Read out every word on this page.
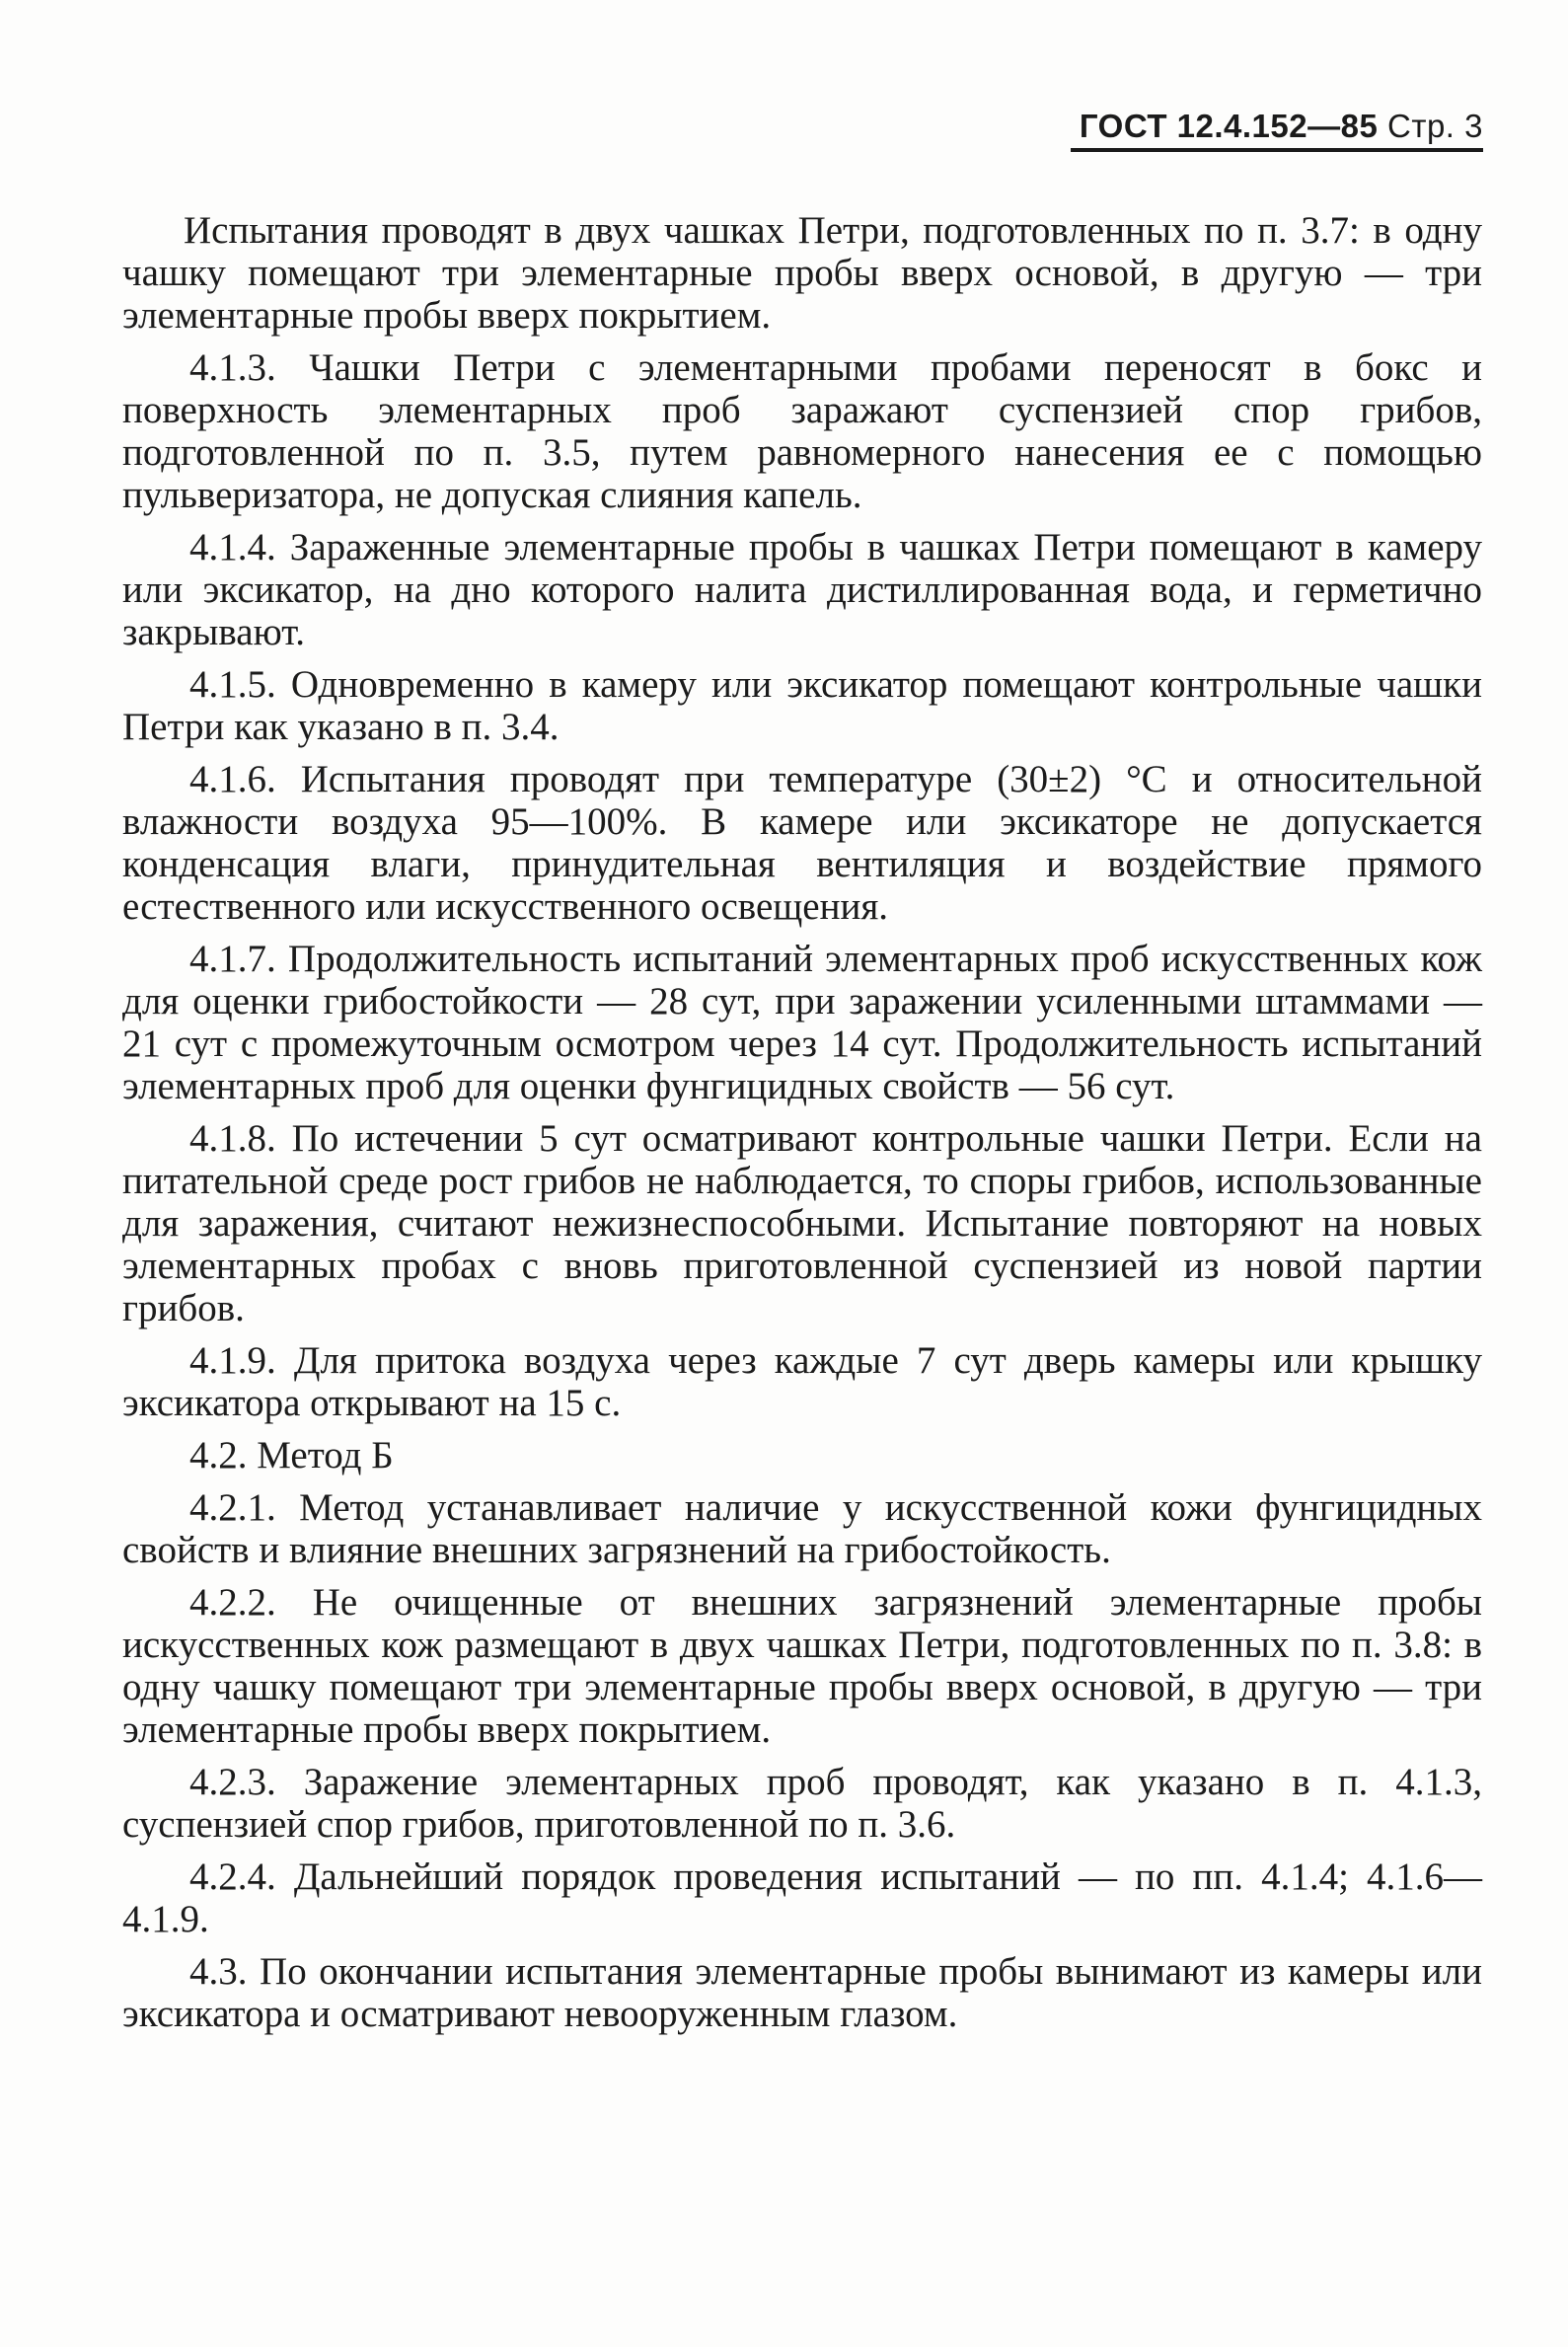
ГОСТ 12.4.152—85 Стр. 3

Испытания проводят в двух чашках Петри, подготовленных по п. 3.7: в одну чашку помещают три элементарные пробы вверх основой, в другую — три элементарные пробы вверх покрытием.

4.1.3. Чашки Петри с элементарными пробами переносят в бокс и поверхность элементарных проб заражают суспензией спор грибов, подготовленной по п. 3.5, путем равномерного нанесения ее с помощью пульверизатора, не допуская слияния капель.

4.1.4. Зараженные элементарные пробы в чашках Петри помещают в камеру или эксикатор, на дно которого налита дистиллированная вода, и герметично закрывают.

4.1.5. Одновременно в камеру или эксикатор помещают контрольные чашки Петри как указано в п. 3.4.

4.1.6. Испытания проводят при температуре (30±2) °С и относительной влажности воздуха 95—100%. В камере или эксикаторе не допускается конденсация влаги, принудительная вентиляция и воздействие прямого естественного или искусственного освещения.

4.1.7. Продолжительность испытаний элементарных проб искусственных кож для оценки грибостойкости — 28 сут, при заражении усиленными штаммами — 21 сут с промежуточным осмотром через 14 сут. Продолжительность испытаний элементарных проб для оценки фунгицидных свойств — 56 сут.

4.1.8. По истечении 5 сут осматривают контрольные чашки Петри. Если на питательной среде рост грибов не наблюдается, то споры грибов, использованные для заражения, считают нежизнеспособными. Испытание повторяют на новых элементарных пробах с вновь приготовленной суспензией из новой партии грибов.

4.1.9. Для притока воздуха через каждые 7 сут дверь камеры или крышку эксикатора открывают на 15 с.

4.2. Метод Б

4.2.1. Метод устанавливает наличие у искусственной кожи фунгицидных свойств и влияние внешних загрязнений на грибостойкость.

4.2.2. Не очищенные от внешних загрязнений элементарные пробы искусственных кож размещают в двух чашках Петри, подготовленных по п. 3.8: в одну чашку помещают три элементарные пробы вверх основой, в другую — три элементарные пробы вверх покрытием.

4.2.3. Заражение элементарных проб проводят, как указано в п. 4.1.3, суспензией спор грибов, приготовленной по п. 3.6.

4.2.4. Дальнейший порядок проведения испытаний — по пп. 4.1.4; 4.1.6—4.1.9.

4.3. По окончании испытания элементарные пробы вынимают из камеры или эксикатора и осматривают невооруженным глазом.
